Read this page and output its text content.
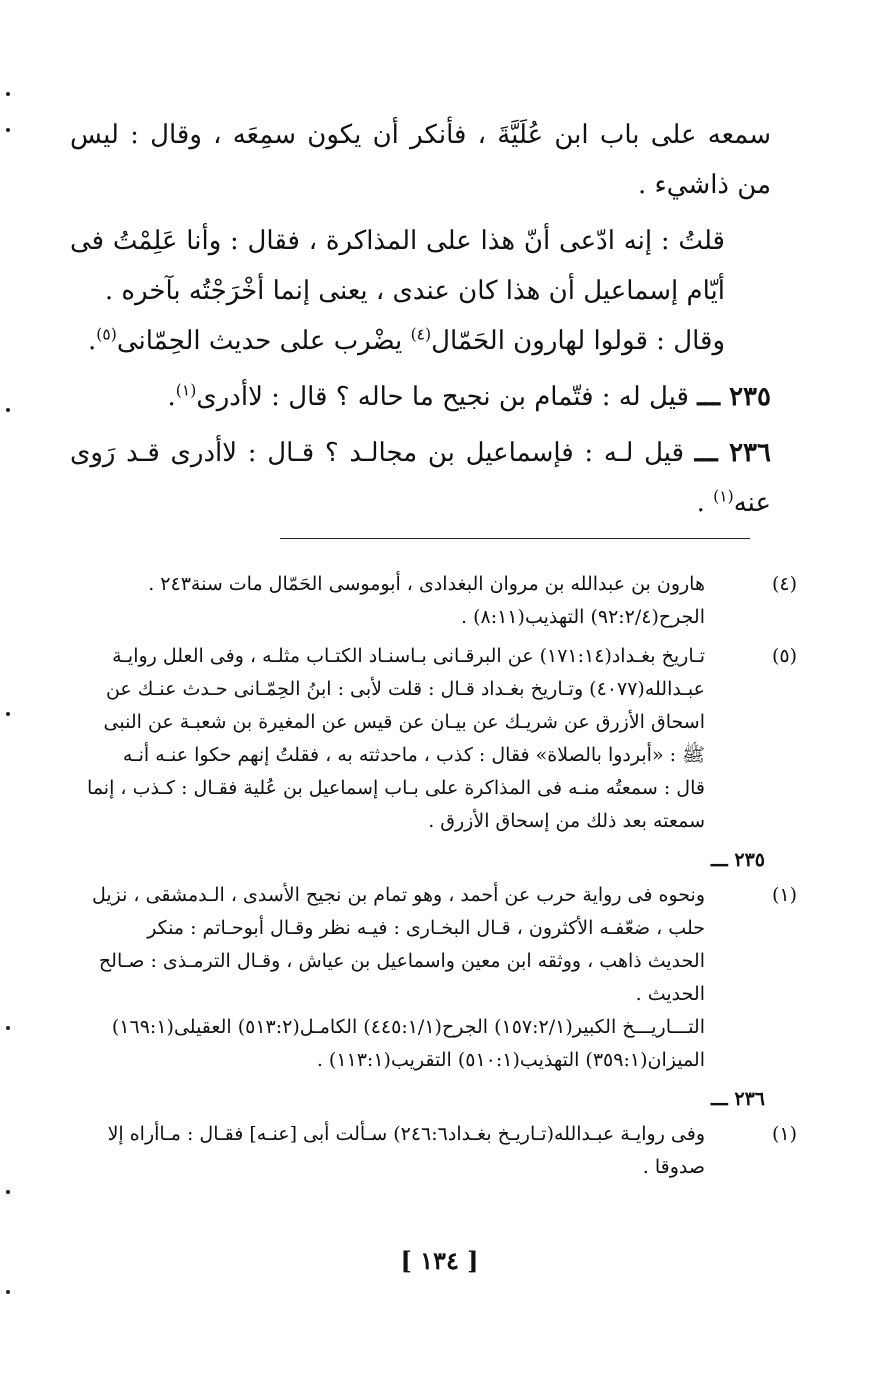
سمعه على باب ابن عُلَيَّةَ ، فأنكر أن يكون سمِعَه ، وقال : ليس من ذاشيء .

قلتُ : إنه ادّعى أنّ هذا على المذاكرة ، فقال : وأنا عَلِمْتُ فى أيّام إسماعيل أن هذا كان عندى ، يعنى إنما أخْرَجْتُه بآخره .

وقال : قولوا لهارون الحَمّال$^{(٤)}$ يضْرب على حديث الحِمّانى$^{(٥)}$.

٢٣٥ ـــ قيل له : فتّمام بن نجيح ما حاله ؟ قال : لاأدرى$^{(١)}$.

٢٣٦ ـــ قيل لـه : فإسماعيل بن مجالـد ؟ قـال : لاأدرى قـد رَوى عنه$^{(١)}$ .

(٤)
هارون بن عبدالله بن مروان البغدادى ، أبوموسى الحَمّال مات سنة٢٤٣ .
الجرح(٩٢:٢/٤) التهذيب(٨:١١) .
(٥)
تـاريخ بغـداد(١٧١:١٤) عن البرقـانى بـاسنـاد الكتـاب مثلـه ، وفى العلل روايـة
عبـدالله(٤٠٧٧) وتـاريخ بغـداد قـال : قلت لأبى : ابنُ الحِمّـانى حـدث عنـك عن
اسحاق الأزرق عن شريـك عن بيـان عن قيس عن المغيرة بن شعبـة عن النبى
ﷺ : «أبردوا بالصلاة» فقال : كذب ، ماحدثته به ، فقلتُ إنهم حكوا عنـه أنـه
قال : سمعتُه منـه فى المذاكرة على بـاب إسماعيل بن عُلية فقـال : كـذب ، إنما
سمعته بعد ذلك من إسحاق الأزرق .
٢٣٥ ـــ
(١)
ونحوه فى رواية حرب عن أحمد ، وهو تمام بن نجيح الأسدى ، الـدمشقى ، نزيل
حلب ، ضعّفـه الأكثرون ، قـال البخـارى : فيـه نظر وقـال أبوحـاتم : منكر
الحديث ذاهب ، ووثقه ابن معين واسماعيل بن عياش ، وقـال الترمـذى : صـالح
الحديث .
التـــاريـــخ الكبير(١٥٧:٢/١) الجرح(٤٤٥:١/١) الكامـل(٥١٣:٢) العقيلى(١٦٩:١)
الميزان(٣٥٩:١) التهذيب(٥١٠:١) التقريب(١١٣:١) .
٢٣٦ ـــ
(١)
وفى روايـة عبـدالله(تـاريـخ بغـداد٢٤٦:٦) سـألت أبى [عنـه] فقـال : مـاأراه إلا
صدوقا .
[ ١٣٤ ]
